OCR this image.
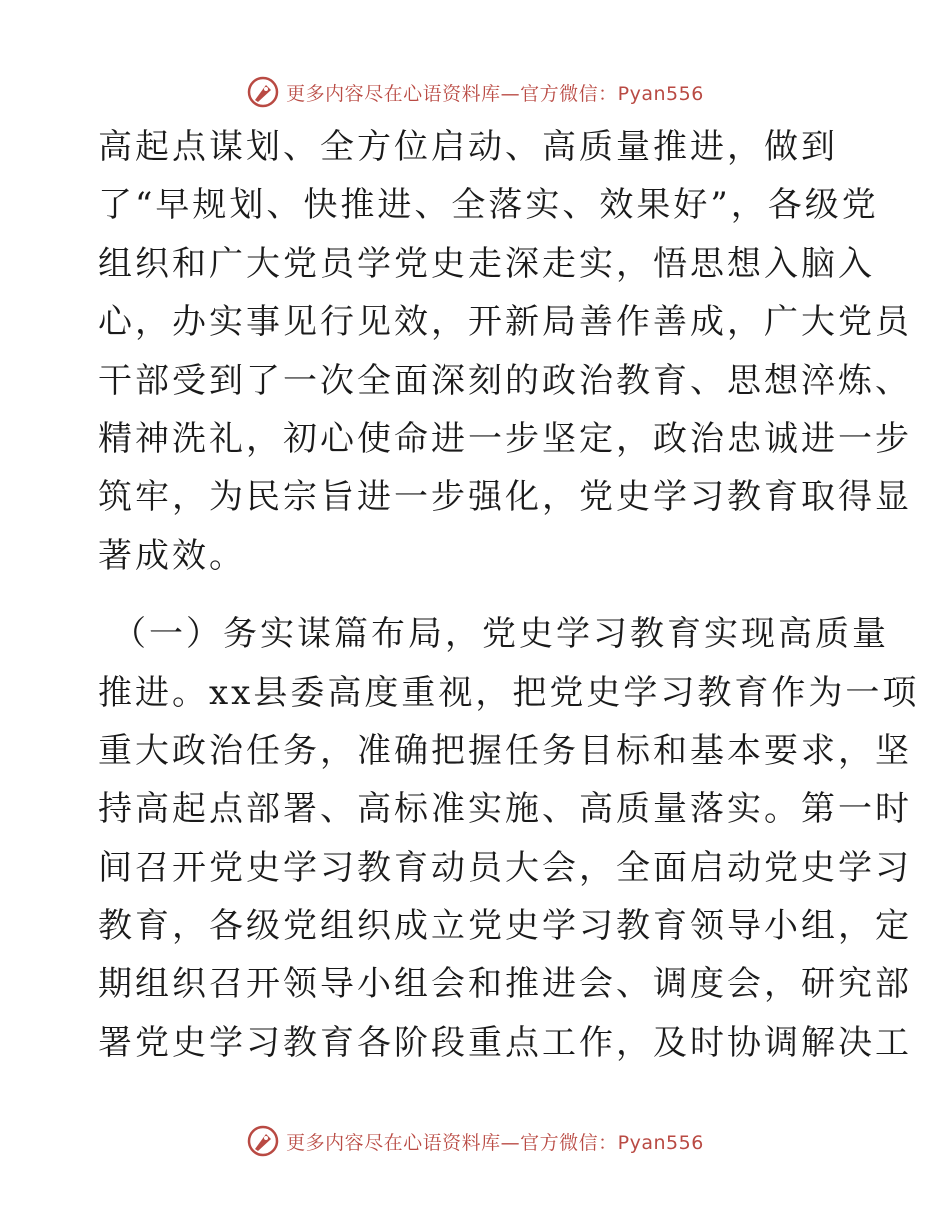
更多内容尽在心语资料库—官方微信：Pyan556
高起点谋划、全方位启动、高质量推进，做到
了“早规划、快推进、全落实、效果好”，各级党
组织和广大党员学党史走深走实，悟思想入脑入
心，办实事见行见效，开新局善作善成，广大党员
干部受到了一次全面深刻的政治教育、思想淬炼、
精神洗礼，初心使命进一步坚定，政治忠诚进一步
筑牢，为民宗旨进一步强化，党史学习教育取得显
著成效。
（一）务实谋篇布局，党史学习教育实现高质量
推进。xx县委高度重视，把党史学习教育作为一项
重大政治任务，准确把握任务目标和基本要求，坚
持高起点部署、高标准实施、高质量落实。第一时
间召开党史学习教育动员大会，全面启动党史学习
教育，各级党组织成立党史学习教育领导小组，定
期组织召开领导小组会和推进会、调度会，研究部
署党史学习教育各阶段重点工作，及时协调解决工
更多内容尽在心语资料库—官方微信：Pyan556
